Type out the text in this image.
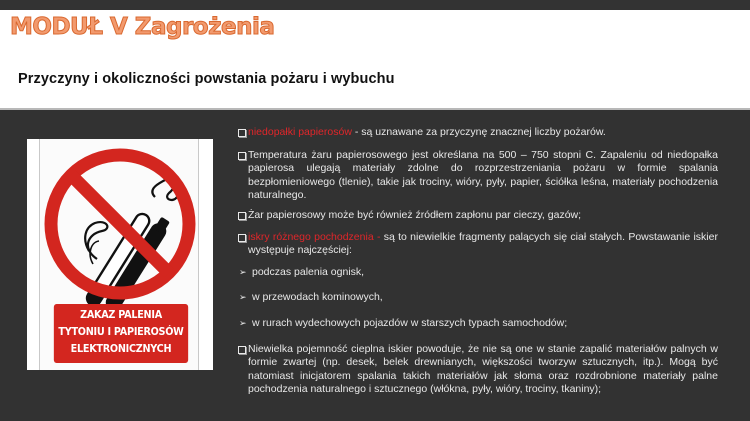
MODUŁ V Zagrożenia
Przyczyny i okoliczności powstania pożaru i wybuchu
ZAKAZ PALENIA
TYTONIU I PAPIEROSÓW
ELEKTRONICZNYCH
niedopałki papierosów - są uznawane za przyczynę znacznej liczby pożarów.
Temperatura żaru papierosowego jest określana na 500 – 750 stopni C. Zapaleniu od niedopałka papierosa ulegają materiały zdolne do rozprzestrzeniania pożaru w formie spalania bezpłomieniowego (tlenie), takie jak trociny, wióry, pyły, papier, ściółka leśna, materiały pochodzenia naturalnego.
Żar papierosowy może być również źródłem zapłonu par cieczy, gazów;
iskry różnego pochodzenia - są to niewielkie fragmenty palących się ciał stałych. Powstawanie iskier występuje najczęściej:
➢ podczas palenia ognisk,
➢ w przewodach kominowych,
➢ w rurach wydechowych pojazdów w starszych typach samochodów;
Niewielka pojemność cieplna iskier powoduje, że nie są one w stanie zapalić materiałów palnych w formie zwartej (np. desek, belek drewnianych, większości tworzyw sztucznych, itp.). Mogą być natomiast inicjatorem spalania takich materiałów jak słoma oraz rozdrobnione materiały palne pochodzenia naturalnego i sztucznego (włókna, pyły, wióry, trociny, tkaniny);
